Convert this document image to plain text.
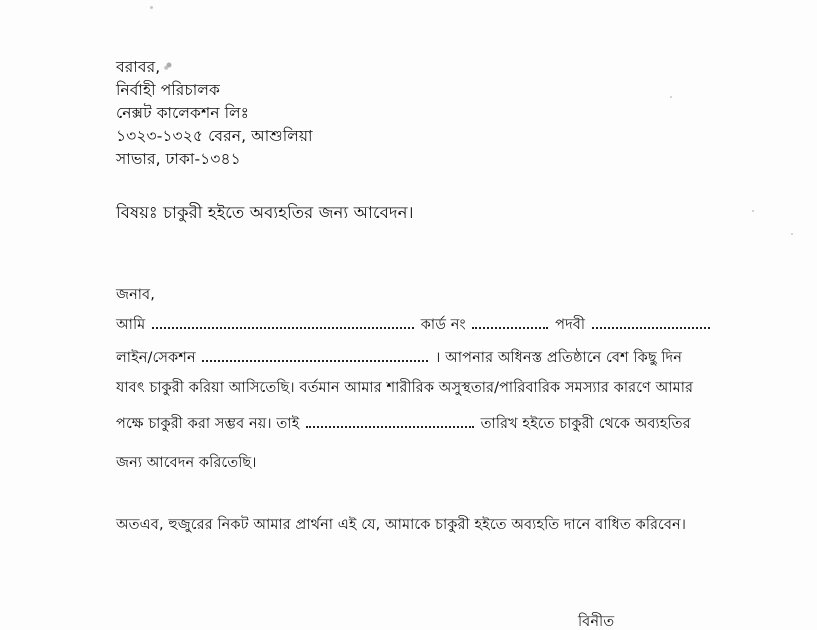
বরাবর,
নির্বাহী পরিচালক
নেক্সট কালেকশন লিঃ
১৩২৩-১৩২৫ বেরন, আশুলিয়া
সাভার, ঢাকা-১৩৪১
বিষয়ঃ চাকুরী হইতে অব্যহতির জন্য আবেদন।
জনাব,
আমি	কার্ড নং	পদবী
লাইন/সেকশন	। আপনার অধিনস্ত প্রতিষ্ঠানে বেশ কিছু দিন
যাবৎ চাকুরী করিয়া আসিতেছি। বর্তমান আমার শারীরিক অসুস্থতার/পারিবারিক সমস্যার কারণে আমার
পক্ষে চাকুরী করা সম্ভব নয়। তাই	তারিখ হইতে চাকুরী থেকে অব্যহতির
জন্য আবেদন করিতেছি।
অতএব, হুজুরের নিকট আমার প্রার্থনা এই যে, আমাকে চাকুরী হইতে অব্যহতি দানে বাধিত করিবেন।
বিনীত
